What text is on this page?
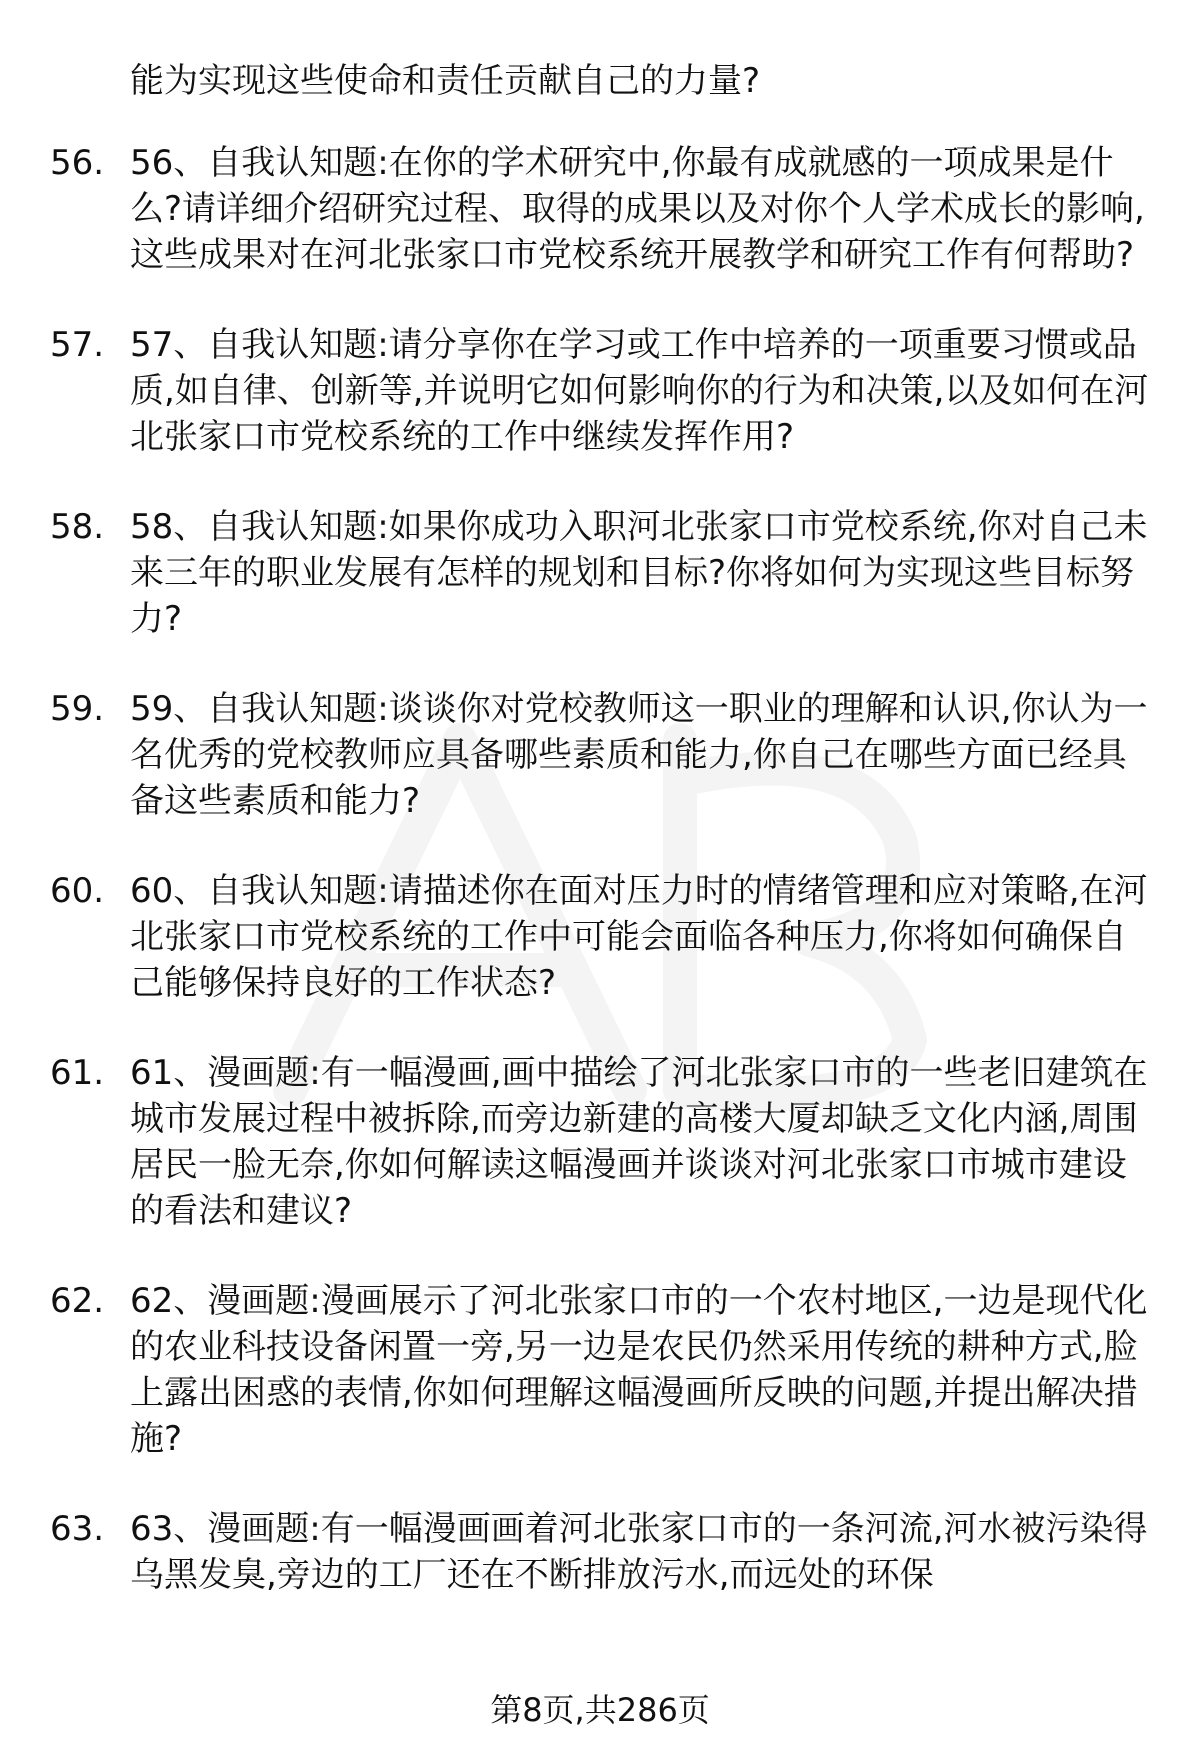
能为实现这些使命和责任贡献自己的力量?
56. 56、自我认知题:在你的学术研究中,你最有成就感的一项成果是什么?请详细介绍研究过程、取得的成果以及对你个人学术成长的影响,这些成果对在河北张家口市党校系统开展教学和研究工作有何帮助?
57. 57、自我认知题:请分享你在学习或工作中培养的一项重要习惯或品质,如自律、创新等,并说明它如何影响你的行为和决策,以及如何在河北张家口市党校系统的工作中继续发挥作用?
58. 58、自我认知题:如果你成功入职河北张家口市党校系统,你对自己未来三年的职业发展有怎样的规划和目标?你将如何为实现这些目标努力?
59. 59、自我认知题:谈谈你对党校教师这一职业的理解和认识,你认为一名优秀的党校教师应具备哪些素质和能力,你自己在哪些方面已经具备这些素质和能力?
60. 60、自我认知题:请描述你在面对压力时的情绪管理和应对策略,在河北张家口市党校系统的工作中可能会面临各种压力,你将如何确保自己能够保持良好的工作状态?
61. 61、漫画题:有一幅漫画,画中描绘了河北张家口市的一些老旧建筑在城市发展过程中被拆除,而旁边新建的高楼大厦却缺乏文化内涵,周围居民一脸无奈,你如何解读这幅漫画并谈谈对河北张家口市城市建设的看法和建议?
62. 62、漫画题:漫画展示了河北张家口市的一个农村地区,一边是现代化的农业科技设备闲置一旁,另一边是农民仍然采用传统的耕种方式,脸上露出困惑的表情,你如何理解这幅漫画所反映的问题,并提出解决措施?
63. 63、漫画题:有一幅漫画画着河北张家口市的一条河流,河水被污染得乌黑发臭,旁边的工厂还在不断排放污水,而远处的环保
第8页,共286页
